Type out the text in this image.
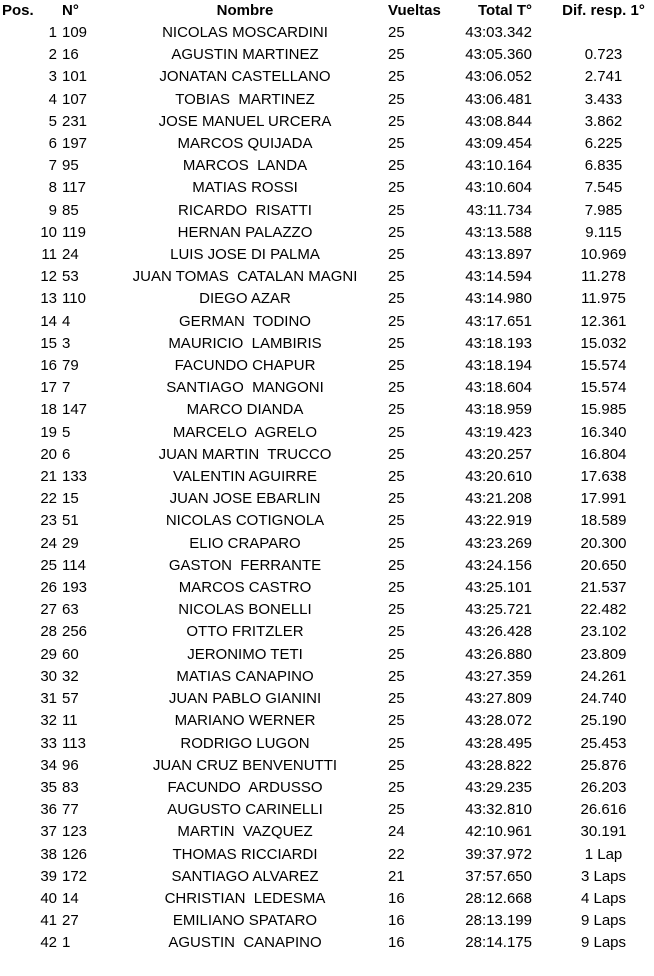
Pos.	N°	Nombre	Vueltas	Total T°	Dif. resp. 1°
1	109	NICOLAS MOSCARDINI	25	43:03.342	
2	16	AGUSTIN MARTINEZ	25	43:05.360	0.723
3	101	JONATAN CASTELLANO	25	43:06.052	2.741
4	107	TOBIAS  MARTINEZ	25	43:06.481	3.433
5	231	JOSE MANUEL URCERA	25	43:08.844	3.862
6	197	MARCOS QUIJADA	25	43:09.454	6.225
7	95	MARCOS  LANDA	25	43:10.164	6.835
8	117	MATIAS ROSSI	25	43:10.604	7.545
9	85	RICARDO  RISATTI	25	43:11.734	7.985
10	119	HERNAN PALAZZO	25	43:13.588	9.115
11	24	LUIS JOSE DI PALMA	25	43:13.897	10.969
12	53	JUAN TOMAS  CATALAN MAGNI	25	43:14.594	11.278
13	110	DIEGO AZAR	25	43:14.980	11.975
14	4	GERMAN  TODINO	25	43:17.651	12.361
15	3	MAURICIO  LAMBIRIS	25	43:18.193	15.032
16	79	FACUNDO CHAPUR	25	43:18.194	15.574
17	7	SANTIAGO  MANGONI	25	43:18.604	15.574
18	147	MARCO DIANDA	25	43:18.959	15.985
19	5	MARCELO  AGRELO	25	43:19.423	16.340
20	6	JUAN MARTIN  TRUCCO	25	43:20.257	16.804
21	133	VALENTIN AGUIRRE	25	43:20.610	17.638
22	15	JUAN JOSE EBARLIN	25	43:21.208	17.991
23	51	NICOLAS COTIGNOLA	25	43:22.919	18.589
24	29	ELIO CRAPARO	25	43:23.269	20.300
25	114	GASTON  FERRANTE	25	43:24.156	20.650
26	193	MARCOS CASTRO	25	43:25.101	21.537
27	63	NICOLAS BONELLI	25	43:25.721	22.482
28	256	OTTO FRITZLER	25	43:26.428	23.102
29	60	JERONIMO TETI	25	43:26.880	23.809
30	32	MATIAS CANAPINO	25	43:27.359	24.261
31	57	JUAN PABLO GIANINI	25	43:27.809	24.740
32	11	MARIANO WERNER	25	43:28.072	25.190
33	113	RODRIGO LUGON	25	43:28.495	25.453
34	96	JUAN CRUZ BENVENUTTI	25	43:28.822	25.876
35	83	FACUNDO  ARDUSSO	25	43:29.235	26.203
36	77	AUGUSTO CARINELLI	25	43:32.810	26.616
37	123	MARTIN  VAZQUEZ	24	42:10.961	30.191
38	126	THOMAS RICCIARDI	22	39:37.972	1 Lap
39	172	SANTIAGO ALVAREZ	21	37:57.650	3 Laps
40	14	CHRISTIAN  LEDESMA	16	28:12.668	4 Laps
41	27	EMILIANO SPATARO	16	28:13.199	9 Laps
42	1	AGUSTIN  CANAPINO	16	28:14.175	9 Laps
